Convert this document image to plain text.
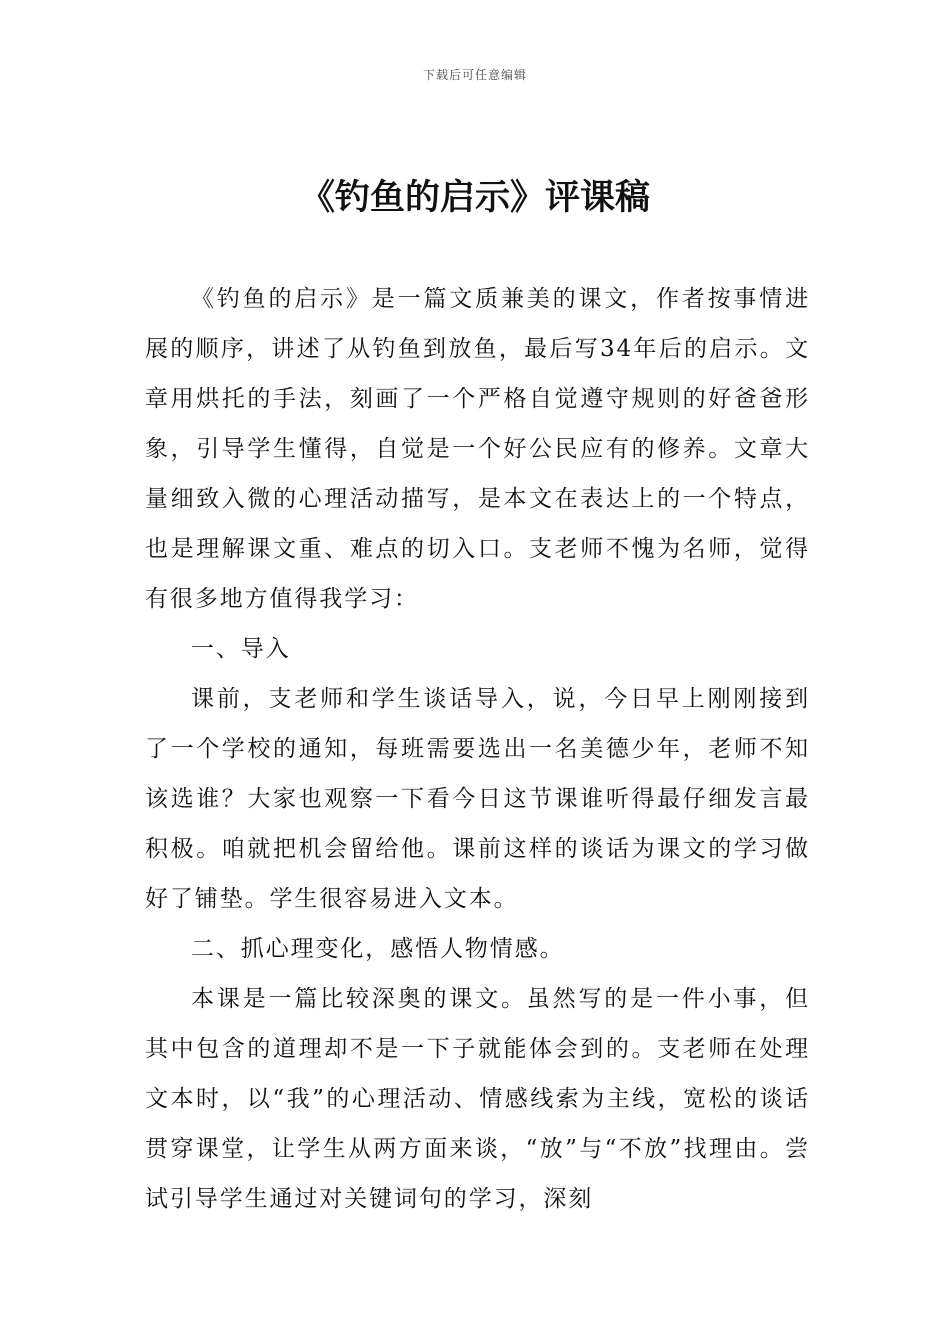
下载后可任意编辑
《钓鱼的启示》评课稿

《钓鱼的启示》是一篇文质兼美的课文，作者按事情进展的顺序，讲述了从钓鱼到放鱼，最后写34年后的启示。文章用烘托的手法，刻画了一个严格自觉遵守规则的好爸爸形象，引导学生懂得，自觉是一个好公民应有的修养。文章大量细致入微的心理活动描写，是本文在表达上的一个特点，也是理解课文重、难点的切入口。支老师不愧为名师，觉得有很多地方值得我学习：

一、导入

课前，支老师和学生谈话导入，说，今日早上刚刚接到了一个学校的通知，每班需要选出一名美德少年，老师不知该选谁？大家也观察一下看今日这节课谁听得最仔细发言最积极。咱就把机会留给他。课前这样的谈话为课文的学习做好了铺垫。学生很容易进入文本。

二、抓心理变化，感悟人物情感。

本课是一篇比较深奥的课文。虽然写的是一件小事，但其中包含的道理却不是一下子就能体会到的。支老师在处理文本时，以“我”的心理活动、情感线索为主线，宽松的谈话贯穿课堂，让学生从两方面来谈，“放”与“不放”找理由。尝试引导学生通过对关键词句的学习，深刻
